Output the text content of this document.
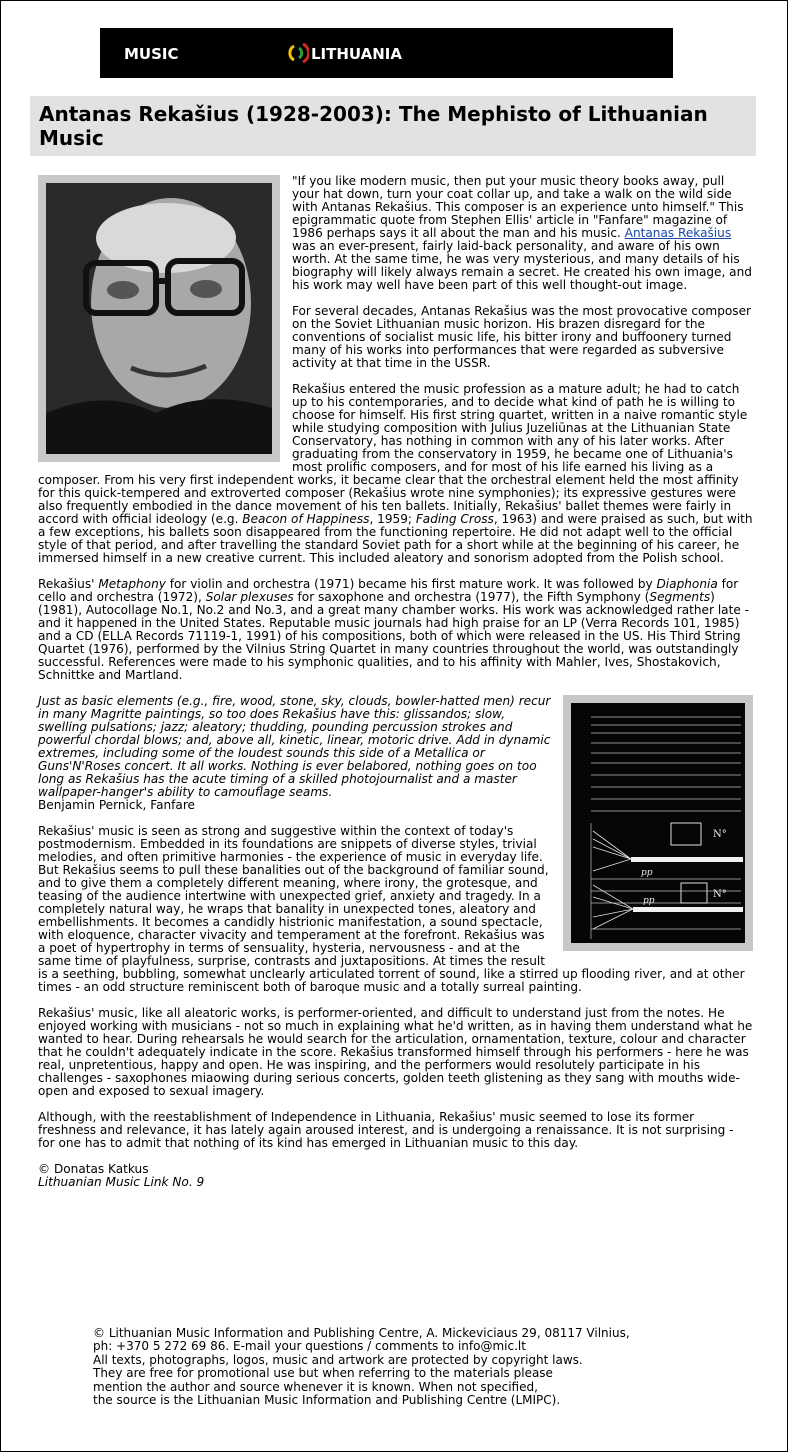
MUSIC	LITHUANIA
Antanas Rekašius (1928-2003): The Mephisto of Lithuanian Music

"If you like modern music, then put your music theory books away, pull your hat down, turn your coat collar up, and take a walk on the wild side with Antanas Rekašius. This composer is an experience unto himself." This epigrammatic quote from Stephen Ellis' article in "Fanfare" magazine of 1986 perhaps says it all about the man and his music. Antanas Rekašius was an ever-present, fairly laid-back personality, and aware of his own worth. At the same time, he was very mysterious, and many details of his biography will likely always remain a secret. He created his own image, and his work may well have been part of this well thought-out image.

For several decades, Antanas Rekašius was the most provocative composer on the Soviet Lithuanian music horizon. His brazen disregard for the conventions of socialist music life, his bitter irony and buffoonery turned many of his works into performances that were regarded as subversive activity at that time in the USSR.

Rekašius entered the music profession as a mature adult; he had to catch up to his contemporaries, and to decide what kind of path he is willing to choose for himself. His first string quartet, written in a naive romantic style while studying composition with Julius Juzeliūnas at the Lithuanian State Conservatory, has nothing in common with any of his later works. After graduating from the conservatory in 1959, he became one of Lithuania's most prolific composers, and for most of his life earned his living as a composer. From his very first independent works, it became clear that the orchestral element held the most affinity for this quick-tempered and extroverted composer (Rekašius wrote nine symphonies); its expressive gestures were also frequently embodied in the dance movement of his ten ballets. Initially, Rekašius' ballet themes were fairly in accord with official ideology (e.g. Beacon of Happiness, 1959; Fading Cross, 1963) and were praised as such, but with a few exceptions, his ballets soon disappeared from the functioning repertoire. He did not adapt well to the official style of that period, and after travelling the standard Soviet path for a short while at the beginning of his career, he immersed himself in a new creative current. This included aleatory and sonorism adopted from the Polish school.

Rekašius' Metaphony for violin and orchestra (1971) became his first mature work. It was followed by Diaphonia for cello and orchestra (1972), Solar plexuses for saxophone and orchestra (1977), the Fifth Symphony (Segments) (1981), Autocollage No.1, No.2 and No.3, and a great many chamber works. His work was acknowledged rather late - and it happened in the United States. Reputable music journals had high praise for an LP (Verra Records 101, 1985) and a CD (ELLA Records 71119-1, 1991) of his compositions, both of which were released in the US. His Third String Quartet (1976), performed by the Vilnius String Quartet in many countries throughout the world, was outstandingly successful. References were made to his symphonic qualities, and to his affinity with Mahler, Ives, Shostakovich, Schnittke and Martland.

pp
N°
pp
N°

Just as basic elements (e.g., fire, wood, stone, sky, clouds, bowler-hatted men) recur in many Magritte paintings, so too does Rekašius have this: glissandos; slow, swelling pulsations; jazz; aleatory; thudding, pounding percussion strokes and powerful chordal blows; and, above all, kinetic, linear, motoric drive. Add in dynamic extremes, including some of the loudest sounds this side of a Metallica or Guns'N'Roses concert. It all works. Nothing is ever belabored, nothing goes on too long as Rekašius has the acute timing of a skilled photojournalist and a master wallpaper-hanger's ability to camouflage seams.
Benjamin Pernick, Fanfare

Rekašius' music is seen as strong and suggestive within the context of today's postmodernism. Embedded in its foundations are snippets of diverse styles, trivial melodies, and often primitive harmonies - the experience of music in everyday life. But Rekašius seems to pull these banalities out of the background of familiar sound, and to give them a completely different meaning, where irony, the grotesque, and teasing of the audience intertwine with unexpected grief, anxiety and tragedy. In a completely natural way, he wraps that banality in unexpected tones, aleatory and embellishments. It becomes a candidly histrionic manifestation, a sound spectacle, with eloquence, character vivacity and temperament at the forefront. Rekašius was a poet of hypertrophy in terms of sensuality, hysteria, nervousness - and at the same time of playfulness, surprise, contrasts and juxtapositions. At times the result is a seething, bubbling, somewhat unclearly articulated torrent of sound, like a stirred up flooding river, and at other times - an odd structure reminiscent both of baroque music and a totally surreal painting.

Rekašius' music, like all aleatoric works, is performer-oriented, and difficult to understand just from the notes. He enjoyed working with musicians - not so much in explaining what he'd written, as in having them understand what he wanted to hear. During rehearsals he would search for the articulation, ornamentation, texture, colour and character that he couldn't adequately indicate in the score. Rekašius transformed himself through his performers - here he was real, unpretentious, happy and open. He was inspiring, and the performers would resolutely participate in his challenges - saxophones miaowing during serious concerts, golden teeth glistening as they sang with mouths wide-open and exposed to sexual imagery.

Although, with the reestablishment of Independence in Lithuania, Rekašius' music seemed to lose its former freshness and relevance, it has lately again aroused interest, and is undergoing a renaissance. It is not surprising - for one has to admit that nothing of its kind has emerged in Lithuanian music to this day.

© Donatas Katkus
Lithuanian Music Link No. 9

© Lithuanian Music Information and Publishing Centre, A. Mickeviciaus 29, 08117 Vilnius,
ph: +370 5 272 69 86. E-mail your questions / comments to info@mic.lt
All texts, photographs, logos, music and artwork are protected by copyright laws.
They are free for promotional use but when referring to the materials please
mention the author and source whenever it is known. When not specified,
the source is the Lithuanian Music Information and Publishing Centre (LMIPC).
